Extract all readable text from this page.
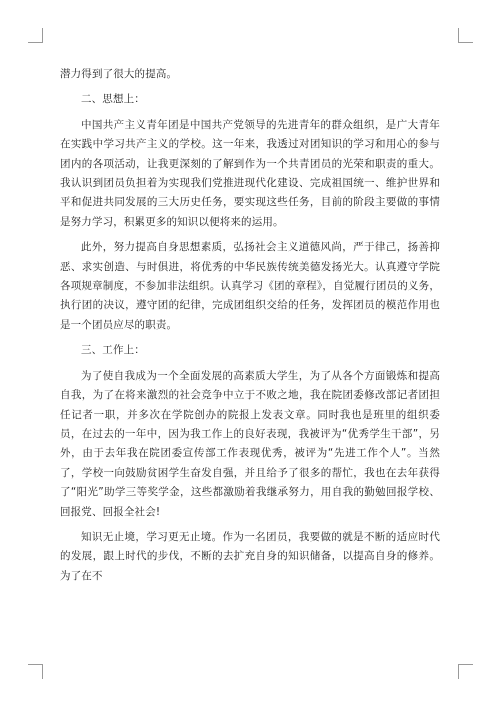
潜力得到了很大的提高。

二、思想上：

中国共产主义青年团是中国共产党领导的先进青年的群众组织，是广大青年在实践中学习共产主义的学校。这一年来，我透过对团知识的学习和用心的参与团内的各项活动，让我更深刻的了解到作为一个共青团员的光荣和职责的重大。我认识到团员负担着为实现我们党推进现代化建设、完成祖国统一、维护世界和平和促进共同发展的三大历史任务，要实现这些任务，目前的阶段主要做的事情是努力学习，积累更多的知识以便将来的运用。

此外，努力提高自身思想素质，弘扬社会主义道德风尚，严于律己，扬善抑恶、求实创造、与时俱进，将优秀的中华民族传统美德发扬光大。认真遵守学院各项规章制度，不参加非法组织。认真学习《团的章程》，自觉履行团员的义务，执行团的决议，遵守团的纪律，完成团组织交给的任务，发挥团员的模范作用也是一个团员应尽的职责。

三、工作上：

为了使自我成为一个全面发展的高素质大学生，为了从各个方面锻炼和提高自我，为了在将来激烈的社会竞争中立于不败之地，我在院团委修改部记者团担任记者一职，并多次在学院创办的院报上发表文章。同时我也是班里的组织委员，在过去的一年中，因为我工作上的良好表现，我被评为“优秀学生干部”，另外，由于去年我在院团委宣传部工作表现优秀，被评为“先进工作个人”。当然了，学校一向鼓励贫困学生奋发自强，并且给予了很多的帮忙，我也在去年获得了“阳光”助学三等奖学金，这些都激励着我继承努力，用自我的勤勉回报学校、回报党、回报全社会!

知识无止境，学习更无止境。作为一名团员，我要做的就是不断的适应时代的发展，跟上时代的步伐，不断的去扩充自身的知识储备，以提高自身的修养。为了在不
